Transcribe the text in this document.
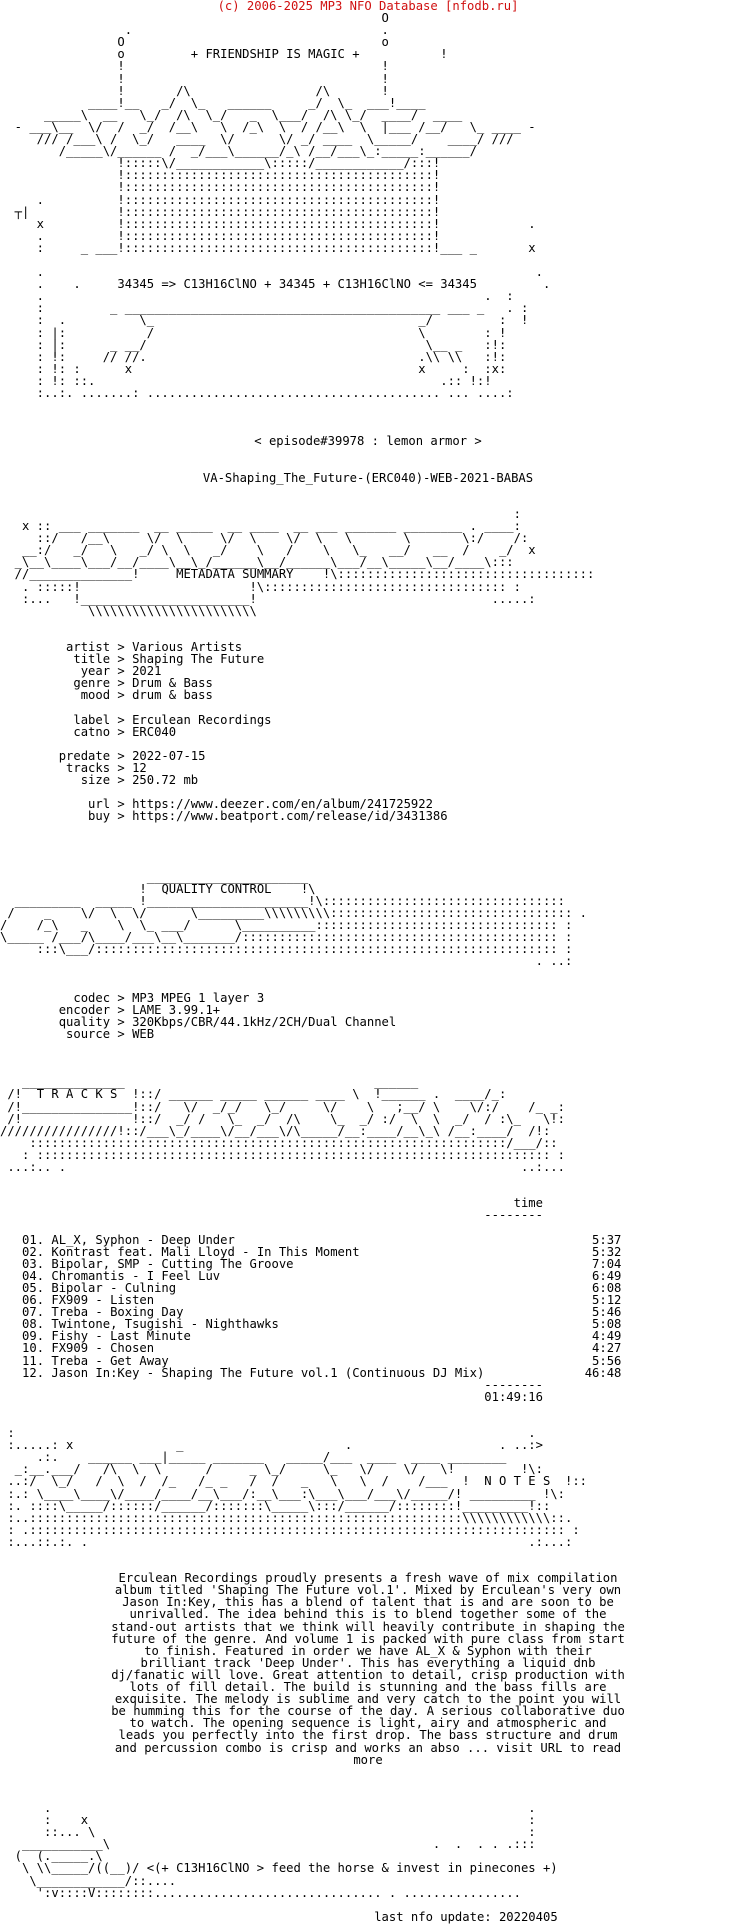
(c) 2006-2025 MP3 NFO Database [nfodb.ru]
O
.                                  .
O                                   o
o         + FRIENDSHIP IS MAGIC +           !
!                                   !
!                                   !
!       /\                 /\       !
____!__   _/  \_   ______     _/  \_  ___!____
_____\  __   \_/  /\  \_/   _  \___/  /\ \_/  ____/  ____
- ___\__  \/  /  _/  /__\   \  /_\  \  / /__\  \  |___ /__/   \_ ____ -
/// /___\ /  \_/   ____  \/      \/ _/ ____  \_____/    ____/ ///
/_____\/______ /  _/___\______/_\ /__/___\_:_____:______/
!:::::\/____________\:::::/____________/:::!
!::::::::::::::::::::::::::::::::::::::::::!
!::::::::::::::::::::::::::::::::::::::::::!
.          !::::::::::::::::::::::::::::::::::::::::::!
┬|            !::::::::::::::::::::::::::::::::::::::::::!
x          !::::::::::::::::::::::::::::::::::::::::::!            .
.          !::::::::::::::::::::::::::::::::::::::::::!
:     _ ___!::::::::::::::::::::::::::::::::::::::::::!___ _       x

.                                                                   .
.    .     34345 => C13H16ClNO + 34345 + C13H16ClNO <= 34345         .
.                                                            .  :
:         _ ___________________________________________ ___ _   . :
:  .          \_                                    _/         :  !
: |:           /                                    \        : !
: |:      _ __/                                      \__ _   :!:
: !:     // //.                                     .\\ \\   :!:
: !: :      x                                       x     :  :x:
: !: ::.                                               .:: !:!
:..:. .......: ........................................ ... ....:

< episode#39978 : lemon armor >

VA-Shaping_The_Future-(ERC040)-WEB-2021-BABAS

:
x :: ___ _______  __ _____  __ ____  __ ___ _______ ________ . ____:
::/   /__\     \/  \     \/  \    \/  \   \       \       \:/    /:
__:/   _/   \   _/ \  \   _/    \   /    \   \_   __/   __  /    _/  x
_\__\____\___/__/____\__\_/______\__/______\___/__\_____\__/____\:::
//______________!     METADATA SUMMARY    !\:::::::::::::::::::::::::::::::::::
. :::::!                       !\::::::::::::::::::::::::::::::::: :
:...   !_______________________!                                .....:
\\\\\\\\\\\\\\\\\\\\\\\

artist > Various Artists
title > Shaping The Future
year > 2021
genre > Drum & Bass
mood > drum & bass

label > Erculean Recordings
catno > ERC040

predate > 2022-07-15
tracks > 12
size > 250.72 mb

url > https://www.deezer.com/en/album/241725922
buy > https://www.beatport.com/release/id/3431386

______________________
!  QUALITY CONTROL    !\
_________  _____ !______________________!\:::::::::::::::::::::::::::::::::
/    _    \/  \  \/      \_________\\\\\\\\\::::::::::::::::::::::::::::::::: .
/    /_\   _    \  \_ ___/      \__________::::::::::::::::::::::::::::::::: :
\_____ /___/\____/___\__\_______/::::::::::::::::::::::::::::::::::::::::::: :
:::\___/::::::::::::::::::::::::::::::::::::::::::::::::::::::::::::::: :
. ..:

codec > MP3 MPEG 1 layer 3
encoder > LAME 3.99.1+
quality > 320Kbps/CBR/44.1kHz/2CH/Dual Channel
source > WEB

______________                                  ______
/!  T R A C K S  !::/ ______ _____ ______ ____ \  !______ .  ____/_:
/!_______________!::/   \/  _/_/   \_/     \/    \   ;__/ \    \/:/    /_ _:
/!               !::/  _/ /   \_  _/  /\    \_  _/ :/  \  \  _/  / :\_   \!:
////////////////!::/___\_/____\/__/___\/\_____/__:____/__\_\ /__:____/  /!:
:::::::::::::::::::::::::::::::::::::::::::::::::::::::::::::::::/___/::
: :::::::::::::::::::::::::::::::::::::::::::::::::::::::::::::::::::::: :
...:.. .                                                              ..:...

time
--------

01. AL_X, Syphon - Deep Under	5:37
02. Kontrast feat. Mali Lloyd - In This Moment	5:32
03. Bipolar, SMP - Cutting The Groove	7:04
04. Chromantis - I Feel Luv	6:49
05. Bipolar - Culning	6:08
06. FX909 - Listen	5:12
07. Treba - Boxing Day	5:46
08. Twintone, Tsugishi - Nighthawks	5:08
09. Fishy - Last Minute	4:49
10. FX909 - Chosen	4:27
11. Treba - Get Away	5:56
12. Jason In:Key - Shaping The Future vol.1 (Continuous DJ Mix)	46:48
--------
01:49:16

:                                                                      .
:.....: x              _                      .                    . ..:>
.:.    ______ ___|_____ _______   _____/___  ____  ____ ________
_:__.___/   /\  \  \      /     _ \_/     \_   \/    \/   \!         !\:
..:/  \_/   /  \  /  /_   /_ _   /  /   _   \   \  /    /___  !  N O T E S  !::
:.: \____\____\/____/____/__\___/:__\___:\___\___/___\/_____/! _________ !\:
:. ::::\_____/::::::/______/:::::::\_____\:::/______/::::::::!_________!::
:..:::::::::::::::::::::::::::::::::::::::::::::::::::::::::::\\\\\\\\\\\\::.
: .::::::::::::::::::::::::::::::::::::::::::::::::::::::::::::::::::::::::: :
:...::.:. .                                                            .:...:

Erculean Recordings proudly presents a fresh wave of mix compilation
album titled 'Shaping The Future vol.1'. Mixed by Erculean's very own
Jason In:Key, this has a blend of talent that is and are soon to be
unrivalled. The idea behind this is to blend together some of the
stand-out artists that we think will heavily contribute in shaping the
future of the genre. And volume 1 is packed with pure class from start
to finish. Featured in order we have AL_X & Syphon with their
brilliant track 'Deep Under'. This has everything a liquid dnb
dj/fanatic will love. Great attention to detail, crisp production with
lots of fill detail. The build is stunning and the bass fills are
exquisite. The melody is sublime and very catch to the point you will
be humming this for the course of the day. A serious collaborative duo
to watch. The opening sequence is light, airy and atmospheric and
leads you perfectly into the first drop. The bass structure and drum
and percussion combo is crisp and works an abso ... visit URL to read
more

.                                                                 .
:    x                                                            :
::... \                                                           :
___________\                                            .  .  . . .:::
(  (._____.\
\ \\_____/((__)/ <(+ C13H16ClNO > feed the horse & invest in pinecones +)
\____________/::....
':v::::V::::::::............................... . ................

last nfo update: 20220405
